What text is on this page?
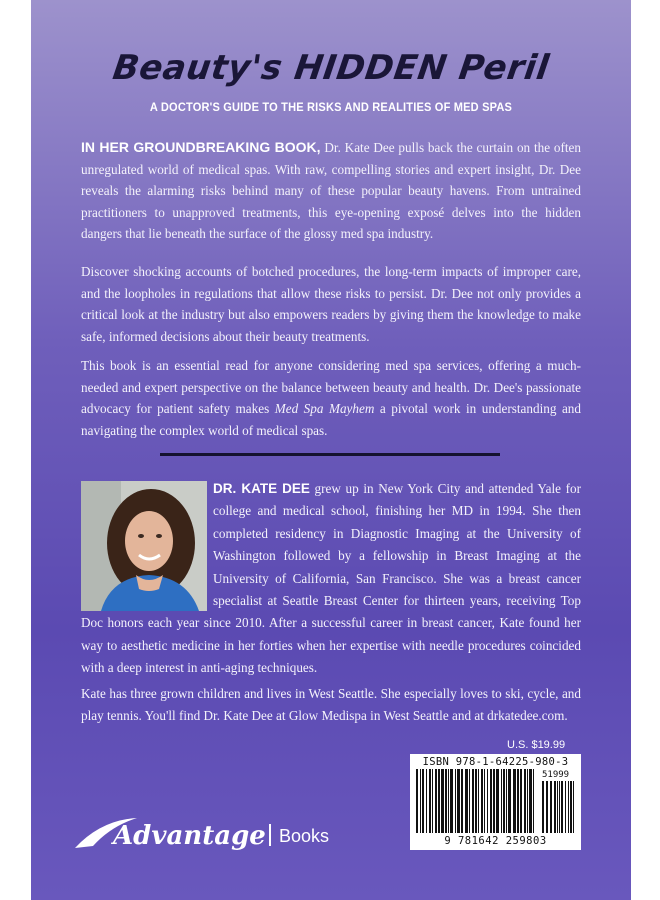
Beauty's HIDDEN Peril
A DOCTOR'S GUIDE TO THE RISKS AND REALITIES OF MED SPAS

IN HER GROUNDBREAKING BOOK, Dr. Kate Dee pulls back the curtain on the often unregulated world of medical spas. With raw, compelling stories and expert insight, Dr. Dee reveals the alarming risks behind many of these popular beauty havens. From untrained practitioners to unapproved treatments, this eye-opening exposé delves into the hidden dangers that lie beneath the surface of the glossy med spa industry.

Discover shocking accounts of botched procedures, the long-term impacts of improper care, and the loopholes in regulations that allow these risks to persist. Dr. Dee not only provides a critical look at the industry but also empowers readers by giving them the knowledge to make safe, informed decisions about their beauty treatments.

This book is an essential read for anyone considering med spa services, offering a much-needed and expert perspective on the balance between beauty and health. Dr. Dee's passionate advocacy for patient safety makes Med Spa Mayhem a pivotal work in understanding and navigating the complex world of medical spas.

DR. KATE DEE grew up in New York City and attended Yale for college and medical school, finishing her MD in 1994. She then completed residency in Diagnostic Imaging at the University of Washington followed by a fellowship in Breast Imaging at the University of California, San Francisco. She was a breast cancer specialist at Seattle Breast Center for thirteen years, receiving Top Doc honors each year since 2010. After a successful career in breast cancer, Kate found her way to aesthetic medicine in her forties when her expertise with needle procedures coincided with a deep interest in anti-aging techniques.

Kate has three grown children and lives in West Seattle. She especially loves to ski, cycle, and play tennis. You'll find Dr. Kate Dee at Glow Medispa in West Seattle and at drkatedee.com.

U.S. $19.99
ISBN 978-1-64225-980-3
51999
9 781642 259803
Advantage Books
